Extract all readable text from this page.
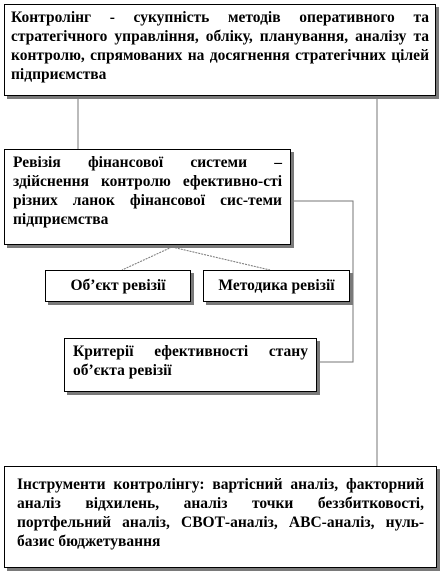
Контролінг - сукупність методів оперативного та стратегічного управління, обліку, планування, аналізу та контролю, спрямованих на досягнення стратегічних цілей підприємства
Ревізія фінансової системи – здійснення контролю ефективно-сті різних ланок фінансової сис-теми підприємства
Об’єкт ревізії	Методика ревізії
Критерії ефективності стану об’єкта ревізії
Інструменти контролінгу: вартісний аналіз, факторний аналіз відхилень, аналіз точки беззбитковості, портфельний аналіз, СВОТ-аналіз, АВС-аналіз, нуль-базис бюджетування
